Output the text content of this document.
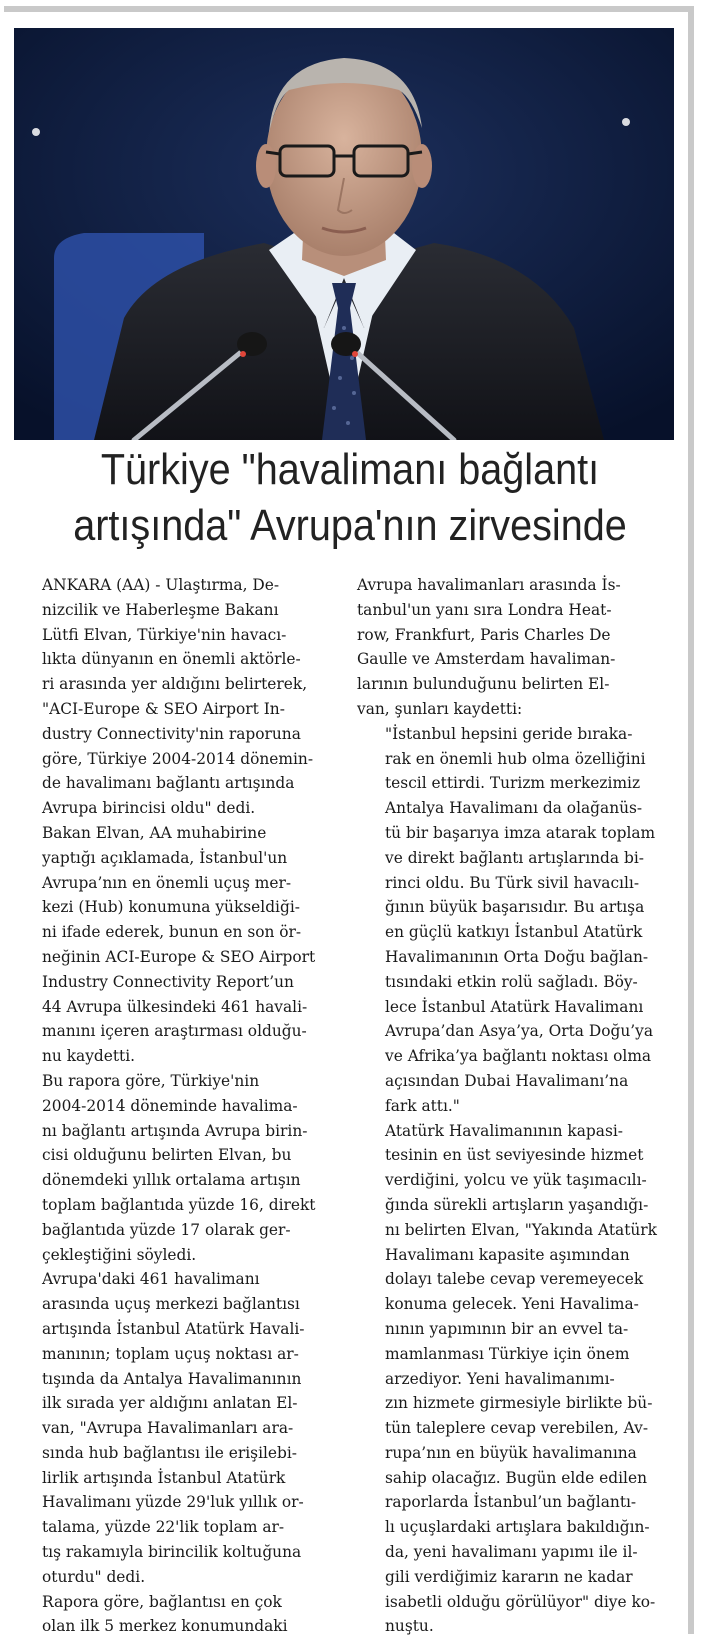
Türkiye "havalimanı bağlantı
artışında" Avrupa'nın zirvesinde

ANKARA (AA) - Ulaştırma, De-
nizcilik ve Haberleşme Bakanı
Lütfi Elvan, Türkiye'nin havacı-
lıkta dünyanın en önemli aktörle-
ri arasında yer aldığını belirterek,
"ACI-Europe & SEO Airport In-
dustry Connectivity'nin raporuna
göre, Türkiye 2004-2014 dönemin-
de havalimanı bağlantı artışında
Avrupa birincisi oldu" dedi.

Bakan Elvan, AA muhabirine
yaptığı açıklamada, İstanbul'un
Avrupa’nın en önemli uçuş mer-
kezi (Hub) konumuna yükseldiği-
ni ifade ederek, bunun en son ör-
neğinin ACI-Europe & SEO Airport
Industry Connectivity Report’un
44 Avrupa ülkesindeki 461 havali-
manını içeren araştırması olduğu-
nu kaydetti.

Bu rapora göre, Türkiye'nin
2004-2014 döneminde havalima-
nı bağlantı artışında Avrupa birin-
cisi olduğunu belirten Elvan, bu
dönemdeki yıllık ortalama artışın
toplam bağlantıda yüzde 16, direkt
bağlantıda yüzde 17 olarak ger-
çekleştiğini söyledi.

Avrupa'daki 461 havalimanı
arasında uçuş merkezi bağlantısı
artışında İstanbul Atatürk Havali-
manının; toplam uçuş noktası ar-
tışında da Antalya Havalimanının
ilk sırada yer aldığını anlatan El-
van, "Avrupa Havalimanları ara-
sında hub bağlantısı ile erişilebi-
lirlik artışında İstanbul Atatürk
Havalimanı yüzde 29'luk yıllık or-
talama, yüzde 22'lik toplam ar-
tış rakamıyla birincilik koltuğuna
oturdu" dedi.

Rapora göre, bağlantısı en çok
olan ilk 5 merkez konumundaki

Avrupa havalimanları arasında İs-
tanbul'un yanı sıra Londra Heat-
row, Frankfurt, Paris Charles De
Gaulle ve Amsterdam havaliman-
larının bulunduğunu belirten El-
van, şunları kaydetti:

"İstanbul hepsini geride bıraka-
rak en önemli hub olma özelliğini
tescil ettirdi. Turizm merkezimiz
Antalya Havalimanı da olağanüs-
tü bir başarıya imza atarak toplam
ve direkt bağlantı artışlarında bi-
rinci oldu. Bu Türk sivil havacılı-
ğının büyük başarısıdır. Bu artışa
en güçlü katkıyı İstanbul Atatürk
Havalimanının Orta Doğu bağlan-
tısındaki etkin rolü sağladı. Böy-
lece İstanbul Atatürk Havalimanı
Avrupa’dan Asya’ya, Orta Doğu’ya
ve Afrika’ya bağlantı noktası olma
açısından Dubai Havalimanı’na
fark attı."

Atatürk Havalimanının kapasi-
tesinin en üst seviyesinde hizmet
verdiğini, yolcu ve yük taşımacılı-
ğında sürekli artışların yaşandığı-
nı belirten Elvan, "Yakında Atatürk
Havalimanı kapasite aşımından
dolayı talebe cevap veremeyecek
konuma gelecek. Yeni Havalima-
nının yapımının bir an evvel ta-
mamlanması Türkiye için önem
arzediyor. Yeni havalimanımı-
zın hizmete girmesiyle birlikte bü-
tün taleplere cevap verebilen, Av-
rupa’nın en büyük havalimanına
sahip olacağız. Bugün elde edilen
raporlarda İstanbul’un bağlantı-
lı uçuşlardaki artışlara bakıldığın-
da, yeni havalimanı yapımı ile il-
gili verdiğimiz kararın ne kadar
isabetli olduğu görülüyor" diye ko-
nuştu.
